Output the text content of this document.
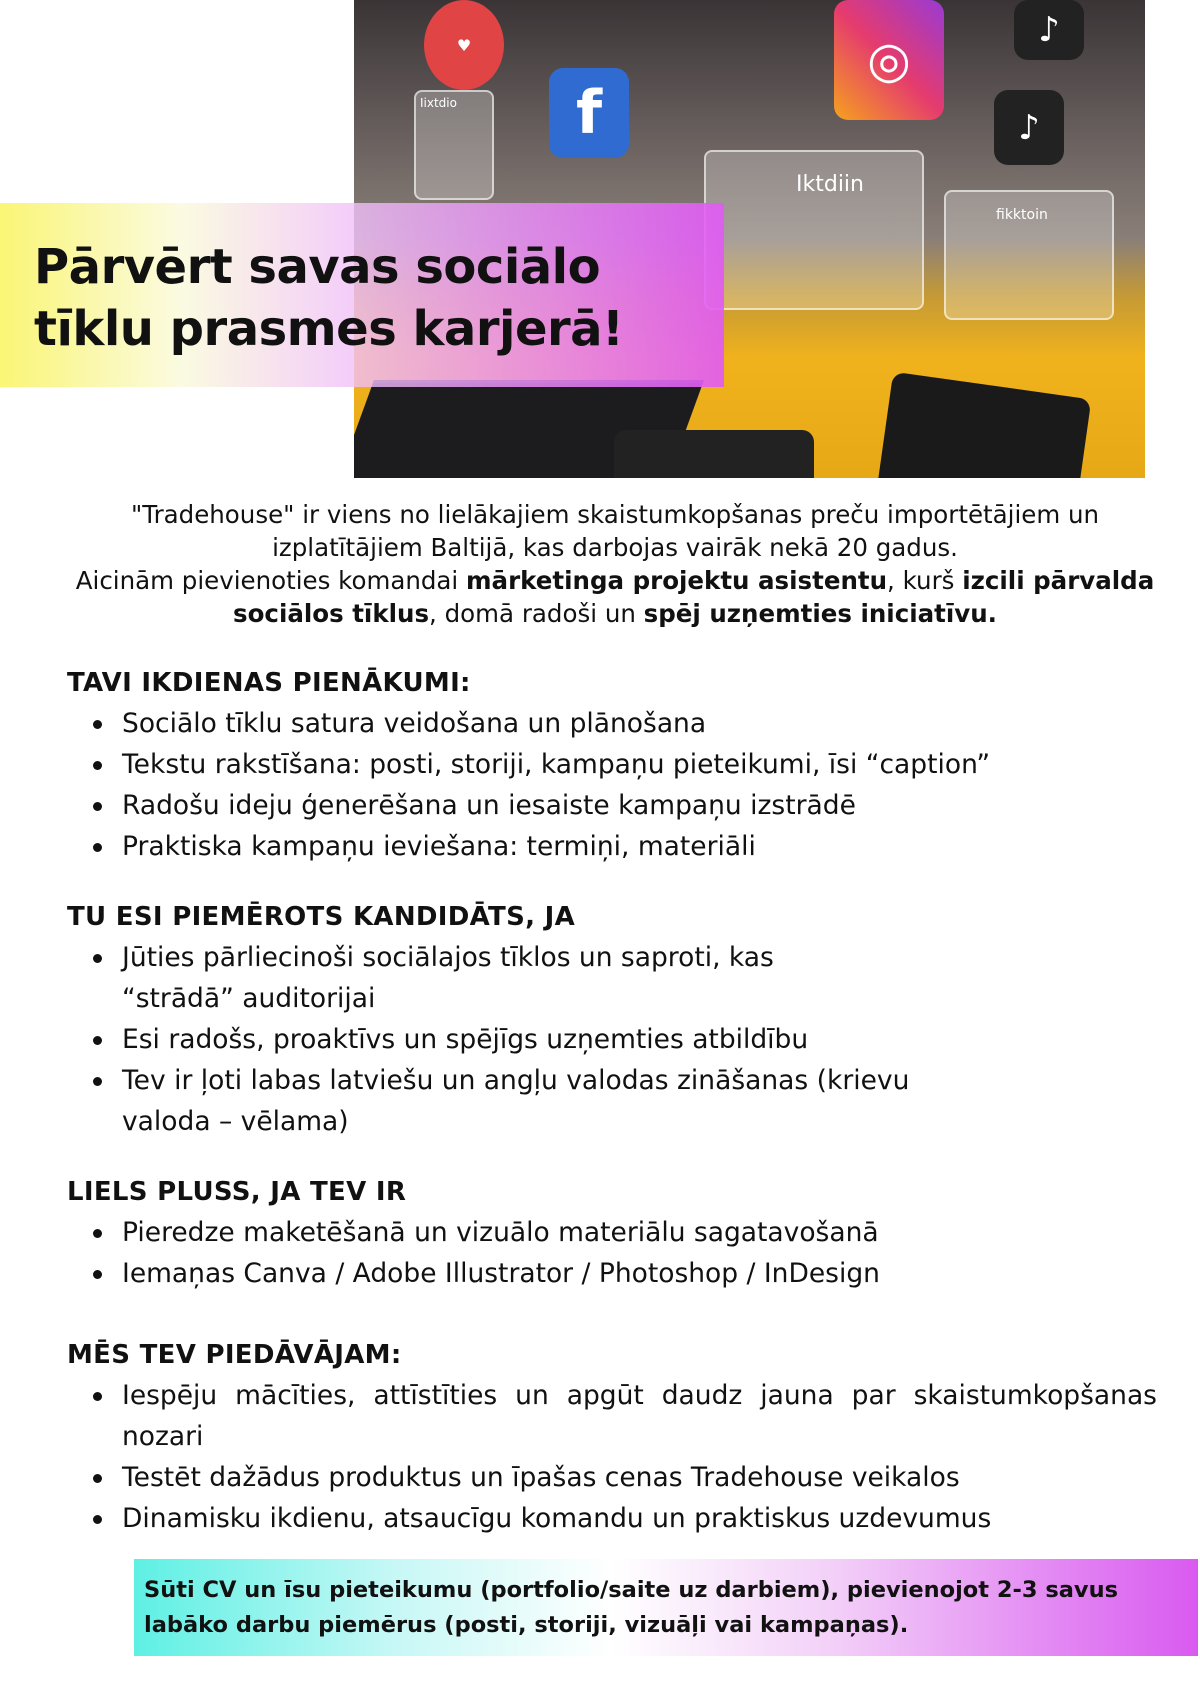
Iixtdio
Iktdiin
fikktoin
♥
f
◎
♪
♪
Pārvērt savas sociālo
tīklu prasmes karjerā!

"Tradehouse" ir viens no lielākajiem skaistumkopšanas preču importētājiem un izplatītājiem Baltijā, kas darbojas vairāk nekā 20 gadus.

Aicinām pievienoties komandai mārketinga projektu asistentu, kurš izcili pārvalda sociālos tīklus, domā radoši un spēj uzņemties iniciatīvu.

TAVI IKDIENAS PIENĀKUMI:
Sociālo tīklu satura veidošana un plānošana
Tekstu rakstīšana: posti, storiji, kampaņu pieteikumi, īsi “caption”
Radošu ideju ģenerēšana un iesaiste kampaņu izstrādē
Praktiska kampaņu ieviešana: termiņi, materiāli
TU ESI PIEMĒROTS KANDIDĀTS, JA
Jūties pārliecinoši sociālajos tīklos un saproti, kas “strādā” auditorijai
Esi radošs, proaktīvs un spējīgs uzņemties atbildību
Tev ir ļoti labas latviešu un angļu valodas zināšanas (krievu valoda – vēlama)
LIELS PLUSS, JA TEV IR
Pieredze maketēšanā un vizuālo materiālu sagatavošanā
Iemaņas Canva / Adobe Illustrator / Photoshop / InDesign
MĒS TEV PIEDĀVĀJAM:
Iespēju mācīties, attīstīties un apgūt daudz jauna par skaistumkopšanas nozari
Testēt dažādus produktus un īpašas cenas Tradehouse veikalos
Dinamisku ikdienu, atsaucīgu komandu un praktiskus uzdevumus

Sūti CV un īsu pieteikumu (portfolio/saite uz darbiem), pievienojot 2-3 savus labāko darbu piemērus (posti, storiji, vizuāļi vai kampaņas).
